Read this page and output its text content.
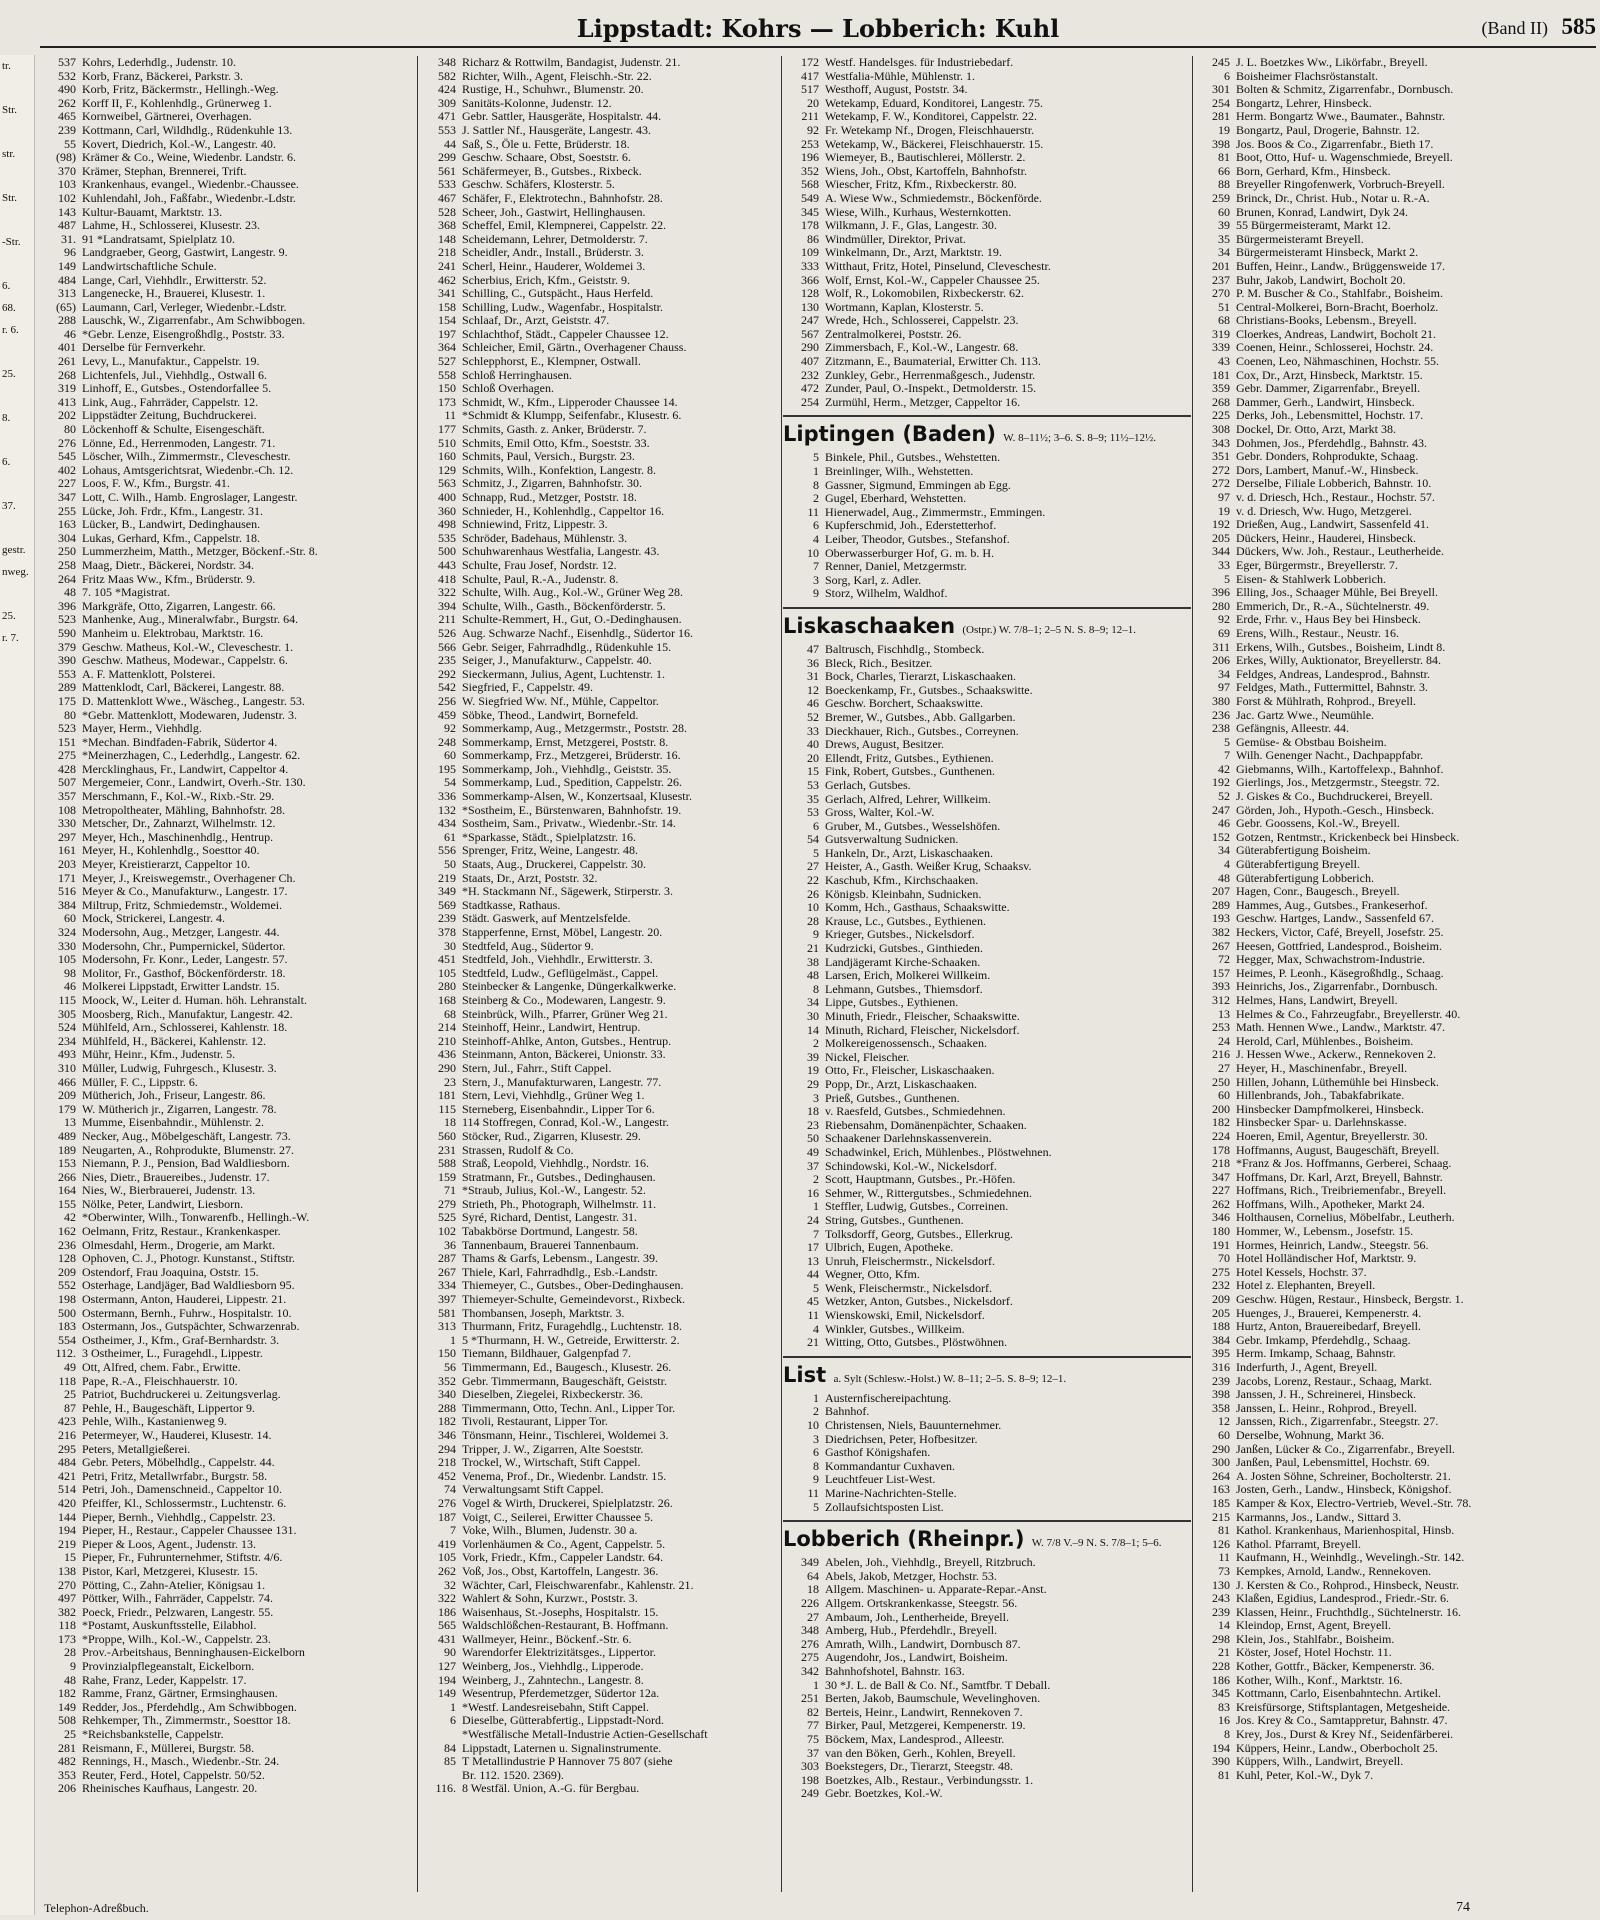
tr.
Str.
str.
Str.
-Str.
6.
68.
r. 6.
25.
8.
6.
37.
gestr.
nweg.
25.
r. 7.
Lippstadt: Kohrs — Lobberich: Kuhl	(Band II) 585
537 Kohrs, Lederhdlg., Judenstr. 10.
532 Korb, Franz, Bäckerei, Parkstr. 3.
490 Korb, Fritz, Bäckermstr., Hellingh.-Weg.
262 Korff II, F., Kohlenhdlg., Grünerweg 1.
465 Kornweibel, Gärtnerei, Overhagen.
239 Kottmann, Carl, Wildhdlg., Rüdenkuhle 13.
55 Kovert, Diedrich, Kol.-W., Langestr. 40.
(98) Krämer & Co., Weine, Wiedenbr. Landstr. 6.
370 Krämer, Stephan, Brennerei, Trift.
103 Krankenhaus, evangel., Wiedenbr.-Chaussee.
102 Kuhlendahl, Joh., Faßfabr., Wiedenbr.-Ldstr.
143 Kultur-Bauamt, Marktstr. 13.
487 Lahme, H., Schlosserei, Klusestr. 23.
31. 91 *Landratsamt, Spielplatz 10.
96 Landgraeber, Georg, Gastwirt, Langestr. 9.
149 Landwirtschaftliche Schule.
484 Lange, Carl, Viehhdlr., Erwitterstr. 52.
313 Langenecke, H., Brauerei, Klusestr. 1.
(65) Laumann, Carl, Verleger, Wiedenbr.-Ldstr.
288 Lauschk, W., Zigarrenfabr., Am Schwibbogen.
46 *Gebr. Lenze, Eisengroßhdlg., Poststr. 33.
401 Derselbe für Fernverkehr.
261 Levy, L., Manufaktur., Cappelstr. 19.
268 Lichtenfels, Jul., Viehhdlg., Ostwall 6.
319 Linhoff, E., Gutsbes., Ostendorfallee 5.
413 Link, Aug., Fahrräder, Cappelstr. 12.
202 Lippstädter Zeitung, Buchdruckerei.
80 Löckenhoff & Schulte, Eisengeschäft.
276 Lönne, Ed., Herrenmoden, Langestr. 71.
545 Löscher, Wilh., Zimmermstr., Cleveschestr.
402 Lohaus, Amtsgerichtsrat, Wiedenbr.-Ch. 12.
227 Loos, F. W., Kfm., Burgstr. 41.
347 Lott, C. Wilh., Hamb. Engroslager, Langestr.
255 Lücke, Joh. Frdr., Kfm., Langestr. 31.
163 Lücker, B., Landwirt, Dedinghausen.
304 Lukas, Gerhard, Kfm., Cappelstr. 18.
250 Lummerzheim, Matth., Metzger, Böckenf.-Str. 8.
258 Maag, Dietr., Bäckerei, Nordstr. 34.
264 Fritz Maas Ww., Kfm., Brüderstr. 9.
48 7. 105 *Magistrat.
396 Markgräfe, Otto, Zigarren, Langestr. 66.
523 Manhenke, Aug., Mineralwfabr., Burgstr. 64.
590 Manheim u. Elektrobau, Marktstr. 16.
379 Geschw. Matheus, Kol.-W., Cleveschestr. 1.
390 Geschw. Matheus, Modewar., Cappelstr. 6.
553 A. F. Mattenklott, Polsterei.
289 Mattenklodt, Carl, Bäckerei, Langestr. 88.
175 D. Mattenklott Wwe., Wäscheg., Langestr. 53.
80 *Gebr. Mattenklott, Modewaren, Judenstr. 3.
523 Mayer, Herm., Viehhdlg.
151 *Mechan. Bindfaden-Fabrik, Südertor 4.
275 *Meinerzhagen, C., Lederhdlg., Langestr. 62.
428 Mercklinghaus, Fr., Landwirt, Cappeltor 4.
507 Mergemeier, Conr., Landwirt, Overh.-Str. 130.
357 Merschmann, F., Kol.-W., Rixb.-Str. 29.
108 Metropoltheater, Mähling, Bahnhofstr. 28.
330 Metscher, Dr., Zahnarzt, Wilhelmstr. 12.
297 Meyer, Hch., Maschinenhdlg., Hentrup.
161 Meyer, H., Kohlenhdlg., Soesttor 40.
203 Meyer, Kreistierarzt, Cappeltor 10.
171 Meyer, J., Kreiswegemstr., Overhagener Ch.
516 Meyer & Co., Manufakturw., Langestr. 17.
384 Miltrup, Fritz, Schmiedemstr., Woldemei.
60 Mock, Strickerei, Langestr. 4.
324 Modersohn, Aug., Metzger, Langestr. 44.
330 Modersohn, Chr., Pumpernickel, Südertor.
105 Modersohn, Fr. Konr., Leder, Langestr. 57.
98 Molitor, Fr., Gasthof, Böckenförderstr. 18.
46 Molkerei Lippstadt, Erwitter Landstr. 15.
115 Moock, W., Leiter d. Human. höh. Lehranstalt.
305 Moosberg, Rich., Manufaktur, Langestr. 42.
524 Mühlfeld, Arn., Schlosserei, Kahlenstr. 18.
234 Mühlfeld, H., Bäckerei, Kahlenstr. 12.
493 Mühr, Heinr., Kfm., Judenstr. 5.
310 Müller, Ludwig, Fuhrgesch., Klusestr. 3.
466 Müller, F. C., Lippstr. 6.
209 Mütherich, Joh., Friseur, Langestr. 86.
179 W. Mütherich jr., Zigarren, Langestr. 78.
13 Mumme, Eisenbahndir., Mühlenstr. 2.
489 Necker, Aug., Möbelgeschäft, Langestr. 73.
189 Neugarten, A., Rohprodukte, Blumenstr. 27.
153 Niemann, P. J., Pension, Bad Waldliesborn.
266 Nies, Dietr., Brauereibes., Judenstr. 17.
164 Nies, W., Bierbrauerei, Judenstr. 13.
155 Nölke, Peter, Landwirt, Liesborn.
42 *Oberwinter, Wilh., Tonwarenfb., Hellingh.-W.
162 Oelmann, Fritz, Restaur., Krankenkasper.
236 Olmesdahl, Herm., Drogerie, am Markt.
128 Ophoven, C. J., Photogr. Kunstanst., Stiftstr.
209 Ostendorf, Frau Joaquina, Oststr. 15.
552 Osterhage, Landjäger, Bad Waldliesborn 95.
198 Ostermann, Anton, Hauderei, Lippestr. 21.
500 Ostermann, Bernh., Fuhrw., Hospitalstr. 10.
183 Ostermann, Jos., Gutspächter, Schwarzenrab.
554 Ostheimer, J., Kfm., Graf-Bernhardstr. 3.
112. 3 Ostheimer, L., Furagehdl., Lippestr.
49 Ott, Alfred, chem. Fabr., Erwitte.
118 Pape, R.-A., Fleischhauerstr. 10.
25 Patriot, Buchdruckerei u. Zeitungsverlag.
87 Pehle, H., Baugeschäft, Lippertor 9.
423 Pehle, Wilh., Kastanienweg 9.
216 Petermeyer, W., Hauderei, Klusestr. 14.
295 Peters, Metallgießerei.
484 Gebr. Peters, Möbelhdlg., Cappelstr. 44.
421 Petri, Fritz, Metallwrfabr., Burgstr. 58.
514 Petri, Joh., Damenschneid., Cappeltor 10.
420 Pfeiffer, Kl., Schlossermstr., Luchtenstr. 6.
144 Pieper, Bernh., Viehhdlg., Cappelstr. 23.
194 Pieper, H., Restaur., Cappeler Chaussee 131.
219 Pieper & Loos, Agent., Judenstr. 13.
15 Pieper, Fr., Fuhrunternehmer, Stiftstr. 4/6.
138 Pistor, Karl, Metzgerei, Klusestr. 15.
270 Pötting, C., Zahn-Atelier, Königsau 1.
497 Pöttker, Wilh., Fahrräder, Cappelstr. 74.
382 Poeck, Friedr., Pelzwaren, Langestr. 55.
118 *Postamt, Auskunftsstelle, Eilabhol.
173 *Proppe, Wilh., Kol.-W., Cappelstr. 23.
28 Prov.-Arbeitshaus, Benninghausen-Eickelborn
9 Provinzialpflegeanstalt, Eickelborn.
48 Rahe, Franz, Leder, Kappelstr. 17.
182 Ramme, Franz, Gärtner, Ermsinghausen.
149 Redder, Jos., Pferdehdlg., Am Schwibbogen.
508 Rehkemper, Th., Zimmermstr., Soesttor 18.
25 *Reichsbankstelle, Cappelstr.
281 Reismann, F., Müllerei, Burgstr. 58.
482 Rennings, H., Masch., Wiedenbr.-Str. 24.
353 Reuter, Ferd., Hotel, Cappelstr. 50/52.
206 Rheinisches Kaufhaus, Langestr. 20.
348 Richarz & Rottwilm, Bandagist, Judenstr. 21.
582 Richter, Wilh., Agent, Fleischh.-Str. 22.
424 Rustige, H., Schuhwr., Blumenstr. 20.
309 Sanitäts-Kolonne, Judenstr. 12.
471 Gebr. Sattler, Hausgeräte, Hospitalstr. 44.
553 J. Sattler Nf., Hausgeräte, Langestr. 43.
44 Saß, S., Öle u. Fette, Brüderstr. 18.
299 Geschw. Schaare, Obst, Soeststr. 6.
561 Schäfermeyer, B., Gutsbes., Rixbeck.
533 Geschw. Schäfers, Klosterstr. 5.
467 Schäfer, F., Elektrotechn., Bahnhofstr. 28.
528 Scheer, Joh., Gastwirt, Hellinghausen.
368 Scheffel, Emil, Klempnerei, Cappelstr. 22.
148 Scheidemann, Lehrer, Detmolderstr. 7.
218 Scheidler, Andr., Install., Brüderstr. 3.
241 Scherl, Heinr., Hauderer, Woldemei 3.
462 Scherbius, Erich, Kfm., Geiststr. 9.
341 Schilling, C., Gutspächt., Haus Herfeld.
158 Schilling, Ludw., Wagenfabr., Hospitalstr.
154 Schlaaf, Dr., Arzt, Geiststr. 47.
197 Schlachthof, Städt., Cappeler Chaussee 12.
364 Schleicher, Emil, Gärtn., Overhagener Chauss.
527 Schlepphorst, E., Klempner, Ostwall.
558 Schloß Herringhausen.
150 Schloß Overhagen.
173 Schmidt, W., Kfm., Lipperoder Chaussee 14.
11 *Schmidt & Klumpp, Seifenfabr., Klusestr. 6.
177 Schmits, Gasth. z. Anker, Brüderstr. 7.
510 Schmits, Emil Otto, Kfm., Soeststr. 33.
160 Schmits, Paul, Versich., Burgstr. 23.
129 Schmits, Wilh., Konfektion, Langestr. 8.
563 Schmitz, J., Zigarren, Bahnhofstr. 30.
400 Schnapp, Rud., Metzger, Poststr. 18.
360 Schnieder, H., Kohlenhdlg., Cappeltor 16.
498 Schniewind, Fritz, Lippestr. 3.
535 Schröder, Badehaus, Mühlenstr. 3.
500 Schuhwarenhaus Westfalia, Langestr. 43.
443 Schulte, Frau Josef, Nordstr. 12.
418 Schulte, Paul, R.-A., Judenstr. 8.
322 Schulte, Wilh. Aug., Kol.-W., Grüner Weg 28.
394 Schulte, Wilh., Gasth., Böckenförderstr. 5.
211 Schulte-Remmert, H., Gut, O.-Dedinghausen.
526 Aug. Schwarze Nachf., Eisenhdlg., Südertor 16.
566 Gebr. Seiger, Fahrradhdlg., Rüdenkuhle 15.
235 Seiger, J., Manufakturw., Cappelstr. 40.
292 Sieckermann, Julius, Agent, Luchtenstr. 1.
542 Siegfried, F., Cappelstr. 49.
256 W. Siegfried Ww. Nf., Mühle, Cappeltor.
459 Söbke, Theod., Landwirt, Bornefeld.
92 Sommerkamp, Aug., Metzgermstr., Poststr. 28.
248 Sommerkamp, Ernst, Metzgerei, Poststr. 8.
60 Sommerkamp, Frz., Metzgerei, Brüderstr. 16.
195 Sommerkamp, Joh., Viehhdlg., Geiststr. 35.
54 Sommerkamp, Lud., Spedition, Cappelstr. 26.
336 Sommerkamp-Alsen, W., Konzertsaal, Klusestr.
132 *Sostheim, E., Bürstenwaren, Bahnhofstr. 19.
434 Sostheim, Sam., Privatw., Wiedenbr.-Str. 14.
61 *Sparkasse, Städt., Spielplatzstr. 16.
556 Sprenger, Fritz, Weine, Langestr. 48.
50 Staats, Aug., Druckerei, Cappelstr. 30.
219 Staats, Dr., Arzt, Poststr. 32.
349 *H. Stackmann Nf., Sägewerk, Stirperstr. 3.
569 Stadtkasse, Rathaus.
239 Städt. Gaswerk, auf Mentzelsfelde.
378 Stapperfenne, Ernst, Möbel, Langestr. 20.
30 Stedtfeld, Aug., Südertor 9.
451 Stedtfeld, Joh., Viehhdlr., Erwitterstr. 3.
105 Stedtfeld, Ludw., Geflügelmäst., Cappel.
280 Steinbecker & Langenke, Düngerkalkwerke.
168 Steinberg & Co., Modewaren, Langestr. 9.
68 Steinbrück, Wilh., Pfarrer, Grüner Weg 21.
214 Steinhoff, Heinr., Landwirt, Hentrup.
210 Steinhoff-Ahlke, Anton, Gutsbes., Hentrup.
436 Steinmann, Anton, Bäckerei, Unionstr. 33.
290 Stern, Jul., Fahrr., Stift Cappel.
23 Stern, J., Manufakturwaren, Langestr. 77.
181 Stern, Levi, Viehhdlg., Grüner Weg 1.
115 Sterneberg, Eisenbahndir., Lipper Tor 6.
18 114 Stoffregen, Conrad, Kol.-W., Langestr.
560 Stöcker, Rud., Zigarren, Klusestr. 29.
231 Strassen, Rudolf & Co.
588 Straß, Leopold, Viehhdlg., Nordstr. 16.
159 Stratmann, Fr., Gutsbes., Dedinghausen.
71 *Straub, Julius, Kol.-W., Langestr. 52.
279 Strieth, Ph., Photograph, Wilhelmstr. 11.
525 Syré, Richard, Dentist, Langestr. 31.
102 Tabakbörse Dortmund, Langestr. 58.
36 Tannenbaum, Brauerei Tannenbaum.
287 Thams & Garfs, Lebensm., Langestr. 39.
267 Thiele, Karl, Fahrradhdlg., Esb.-Landstr.
334 Thiemeyer, C., Gutsbes., Ober-Dedinghausen.
397 Thiemeyer-Schulte, Gemeindevorst., Rixbeck.
581 Thombansen, Joseph, Marktstr. 3.
313 Thurmann, Fritz, Furagehdlg., Luchtenstr. 18.
1 5 *Thurmann, H. W., Getreide, Erwitterstr. 2.
150 Tiemann, Bildhauer, Galgenpfad 7.
56 Timmermann, Ed., Baugesch., Klusestr. 26.
352 Gebr. Timmermann, Baugeschäft, Geiststr.
340 Dieselben, Ziegelei, Rixbeckerstr. 36.
288 Timmermann, Otto, Techn. Anl., Lipper Tor.
182 Tivoli, Restaurant, Lipper Tor.
346 Tönsmann, Heinr., Tischlerei, Woldemei 3.
294 Tripper, J. W., Zigarren, Alte Soeststr.
218 Trockel, W., Wirtschaft, Stift Cappel.
452 Venema, Prof., Dr., Wiedenbr. Landstr. 15.
74 Verwaltungsamt Stift Cappel.
276 Vogel & Wirth, Druckerei, Spielplatzstr. 26.
187 Voigt, C., Seilerei, Erwitter Chaussee 5.
7 Voke, Wilh., Blumen, Judenstr. 30 a.
419 Vorlenhäumen & Co., Agent, Cappelstr. 5.
105 Vork, Friedr., Kfm., Cappeler Landstr. 64.
262 Voß, Jos., Obst, Kartoffeln, Langestr. 36.
32 Wächter, Carl, Fleischwarenfabr., Kahlenstr. 21.
322 Wahlert & Sohn, Kurzwr., Poststr. 3.
186 Waisenhaus, St.-Josephs, Hospitalstr. 15.
565 Waldschlößchen-Restaurant, B. Hoffmann.
431 Wallmeyer, Heinr., Böckenf.-Str. 6.
90 Warendorfer Elektrizitätsges., Lippertor.
127 Weinberg, Jos., Viehhdlg., Lipperode.
194 Weinberg, J., Zahntechn., Langestr. 8.
149 Wesentrup, Pferdemetzger, Südertor 12a.
1 *Westf. Landesreisebahn, Stift Cappel.
6 Dieselbe, Gütterabfertig., Lippstadt-Nord.
*Westfälische Metall-Industrie Actien-Gesellschaft
84 Lippstadt, Laternen u. Signalinstrumente.
85 T Metallindustrie P Hannover 75 807 (siehe
Br. 112. 1520. 2369).
116. 8 Westfäl. Union, A.-G. für Bergbau.
172 Westf. Handelsges. für Industriebedarf.
417 Westfalia-Mühle, Mühlenstr. 1.
517 Westhoff, August, Poststr. 34.
20 Wetekamp, Eduard, Konditorei, Langestr. 75.
211 Wetekamp, F. W., Konditorei, Cappelstr. 22.
92 Fr. Wetekamp Nf., Drogen, Fleischhauerstr.
253 Wetekamp, W., Bäckerei, Fleischhauerstr. 15.
196 Wiemeyer, B., Bautischlerei, Möllerstr. 2.
352 Wiens, Joh., Obst, Kartoffeln, Bahnhofstr.
568 Wiescher, Fritz, Kfm., Rixbeckerstr. 80.
549 A. Wiese Ww., Schmiedemstr., Böckenförde.
345 Wiese, Wilh., Kurhaus, Westernkotten.
178 Wilkmann, J. F., Glas, Langestr. 30.
86 Windmüller, Direktor, Privat.
109 Winkelmann, Dr., Arzt, Marktstr. 19.
333 Witthaut, Fritz, Hotel, Pinselund, Cleveschestr.
366 Wolf, Ernst, Kol.-W., Cappeler Chaussee 25.
128 Wolf, R., Lokomobilen, Rixbeckerstr. 62.
130 Wortmann, Kaplan, Klosterstr. 5.
247 Wrede, Hch., Schlosserei, Cappelstr. 23.
567 Zentralmolkerei, Poststr. 26.
290 Zimmersbach, F., Kol.-W., Langestr. 68.
407 Zitzmann, E., Baumaterial, Erwitter Ch. 113.
232 Zunkley, Gebr., Herrenmaßgesch., Judenstr.
472 Zunder, Paul, O.-Inspekt., Detmolderstr. 15.
254 Zurmühl, Herm., Metzger, Cappeltor 16.
Liptingen (Baden) W. 8–11½; 3–6. S. 8–9; 11½–12½.
5 Binkele, Phil., Gutsbes., Wehstetten.
1 Breinlinger, Wilh., Wehstetten.
8 Gassner, Sigmund, Emmingen ab Egg.
2 Gugel, Eberhard, Wehstetten.
11 Hienerwadel, Aug., Zimmermstr., Emmingen.
6 Kupferschmid, Joh., Ederstetterhof.
4 Leiber, Theodor, Gutsbes., Stefanshof.
10 Oberwasserburger Hof, G. m. b. H.
7 Renner, Daniel, Metzgermstr.
3 Sorg, Karl, z. Adler.
9 Storz, Wilhelm, Waldhof.
Liskaschaaken (Ostpr.) W. 7/8–1; 2–5 N. S. 8–9; 12–1.
47 Baltrusch, Fischhdlg., Stombeck.
36 Bleck, Rich., Besitzer.
31 Bock, Charles, Tierarzt, Liskaschaaken.
12 Boeckenkamp, Fr., Gutsbes., Schaakswitte.
46 Geschw. Borchert, Schaakswitte.
52 Bremer, W., Gutsbes., Abb. Gallgarben.
33 Dieckhauer, Rich., Gutsbes., Correynen.
40 Drews, August, Besitzer.
20 Ellendt, Fritz, Gutsbes., Eythienen.
15 Fink, Robert, Gutsbes., Gunthenen.
53 Gerlach, Gutsbes.
35 Gerlach, Alfred, Lehrer, Willkeim.
53 Gross, Walter, Kol.-W.
6 Gruber, M., Gutsbes., Wesselshöfen.
54 Gutsverwaltung Sudnicken.
5 Hankeln, Dr., Arzt, Liskaschaaken.
27 Heister, A., Gasth. Weißer Krug, Schaaksv.
22 Kaschub, Kfm., Kirchschaaken.
26 Königsb. Kleinbahn, Sudnicken.
10 Komm, Hch., Gasthaus, Schaakswitte.
28 Krause, Lc., Gutsbes., Eythienen.
9 Krieger, Gutsbes., Nickelsdorf.
21 Kudrzicki, Gutsbes., Ginthieden.
38 Landjägeramt Kirche-Schaaken.
48 Larsen, Erich, Molkerei Willkeim.
8 Lehmann, Gutsbes., Thiemsdorf.
34 Lippe, Gutsbes., Eythienen.
30 Minuth, Friedr., Fleischer, Schaakswitte.
14 Minuth, Richard, Fleischer, Nickelsdorf.
2 Molkereigenossensch., Schaaken.
39 Nickel, Fleischer.
19 Otto, Fr., Fleischer, Liskaschaaken.
29 Popp, Dr., Arzt, Liskaschaaken.
3 Prieß, Gutsbes., Gunthenen.
18 v. Raesfeld, Gutsbes., Schmiedehnen.
23 Riebensahm, Domänenpächter, Schaaken.
50 Schaakener Darlehnskassenverein.
49 Schadwinkel, Erich, Mühlenbes., Plöstwehnen.
37 Schindowski, Kol.-W., Nickelsdorf.
2 Scott, Hauptmann, Gutsbes., Pr.-Höfen.
16 Sehmer, W., Rittergutsbes., Schmiedehnen.
1 Steffler, Ludwig, Gutsbes., Correinen.
24 String, Gutsbes., Gunthenen.
7 Tolksdorff, Georg, Gutsbes., Ellerkrug.
17 Ulbrich, Eugen, Apotheke.
13 Unruh, Fleischermstr., Nickelsdorf.
44 Wegner, Otto, Kfm.
5 Wenk, Fleischermstr., Nickelsdorf.
45 Wetzker, Anton, Gutsbes., Nickelsdorf.
11 Wienskowski, Emil, Nickelsdorf.
4 Winkler, Gutsbes., Willkeim.
21 Witting, Otto, Gutsbes., Plöstwöhnen.
List a. Sylt (Schlesw.-Holst.) W. 8–11; 2–5. S. 8–9; 12–1.
1 Austernfischereipachtung.
2 Bahnhof.
10 Christensen, Niels, Bauunternehmer.
3 Diedrichsen, Peter, Hofbesitzer.
6 Gasthof Königshafen.
8 Kommandantur Cuxhaven.
9 Leuchtfeuer List-West.
11 Marine-Nachrichten-Stelle.
5 Zollaufsichtsposten List.
Lobberich (Rheinpr.) W. 7/8 V.–9 N. S. 7/8–1; 5–6.
349 Abelen, Joh., Viehhdlg., Breyell, Ritzbruch.
64 Abels, Jakob, Metzger, Hochstr. 53.
18 Allgem. Maschinen- u. Apparate-Repar.-Anst.
226 Allgem. Ortskrankenkasse, Steegstr. 56.
27 Ambaum, Joh., Lentherheide, Breyell.
348 Amberg, Hub., Pferdehdlr., Breyell.
276 Amrath, Wilh., Landwirt, Dornbusch 87.
275 Augendohr, Jos., Landwirt, Boisheim.
342 Bahnhofshotel, Bahnstr. 163.
1 30 *J. L. de Ball & Co. Nf., Samtfbr. T Deball.
251 Berten, Jakob, Baumschule, Wevelinghoven.
82 Berteis, Heinr., Landwirt, Rennekoven 7.
77 Birker, Paul, Metzgerei, Kempenerstr. 19.
75 Böckem, Max, Landesprod., Alleestr.
37 van den Böken, Gerh., Kohlen, Breyell.
303 Boekstegers, Dr., Tierarzt, Steegstr. 48.
198 Boetzkes, Alb., Restaur., Verbindungsstr. 1.
249 Gebr. Boetzkes, Kol.-W.
245 J. L. Boetzkes Ww., Likörfabr., Breyell.
6 Boisheimer Flachsröstanstalt.
301 Bolten & Schmitz, Zigarrenfabr., Dornbusch.
254 Bongartz, Lehrer, Hinsbeck.
281 Herm. Bongartz Wwe., Baumater., Bahnstr.
19 Bongartz, Paul, Drogerie, Bahnstr. 12.
398 Jos. Boos & Co., Zigarrenfabr., Bieth 17.
81 Boot, Otto, Huf- u. Wagenschmiede, Breyell.
66 Born, Gerhard, Kfm., Hinsbeck.
88 Breyeller Ringofenwerk, Vorbruch-Breyell.
259 Brinck, Dr., Christ. Hub., Notar u. R.-A.
60 Brunen, Konrad, Landwirt, Dyk 24.
39 55 Bürgermeisteramt, Markt 12.
35 Bürgermeisteramt Breyell.
34 Bürgermeisteramt Hinsbeck, Markt 2.
201 Buffen, Heinr., Landw., Brüggensweide 17.
237 Buhr, Jakob, Landwirt, Bocholt 20.
270 P. M. Buscher & Co., Stahlfabr., Boisheim.
51 Central-Molkerei, Born-Bracht, Boerholz.
68 Christians-Books, Lebensm., Breyell.
319 Cloerkes, Andreas, Landwirt, Bocholt 21.
339 Coenen, Heinr., Schlosserei, Hochstr. 24.
43 Coenen, Leo, Nähmaschinen, Hochstr. 55.
181 Cox, Dr., Arzt, Hinsbeck, Marktstr. 15.
359 Gebr. Dammer, Zigarrenfabr., Breyell.
268 Dammer, Gerh., Landwirt, Hinsbeck.
225 Derks, Joh., Lebensmittel, Hochstr. 17.
308 Dockel, Dr. Otto, Arzt, Markt 38.
343 Dohmen, Jos., Pferdehdlg., Bahnstr. 43.
351 Gebr. Donders, Rohprodukte, Schaag.
272 Dors, Lambert, Manuf.-W., Hinsbeck.
272 Derselbe, Filiale Lobberich, Bahnstr. 10.
97 v. d. Driesch, Hch., Restaur., Hochstr. 57.
19 v. d. Driesch, Ww. Hugo, Metzgerei.
192 Drießen, Aug., Landwirt, Sassenfeld 41.
205 Dückers, Heinr., Hauderei, Hinsbeck.
344 Dückers, Ww. Joh., Restaur., Leutherheide.
33 Eger, Bürgermstr., Breyellerstr. 7.
5 Eisen- & Stahlwerk Lobberich.
396 Elling, Jos., Schaager Mühle, Bei Breyell.
280 Emmerich, Dr., R.-A., Süchtelnerstr. 49.
92 Erde, Frhr. v., Haus Bey bei Hinsbeck.
69 Erens, Wilh., Restaur., Neustr. 16.
311 Erkens, Wilh., Gutsbes., Boisheim, Lindt 8.
206 Erkes, Willy, Auktionator, Breyellerstr. 84.
34 Feldges, Andreas, Landesprod., Bahnstr.
97 Feldges, Math., Futtermittel, Bahnstr. 3.
380 Forst & Mühlrath, Rohprod., Breyell.
236 Jac. Gartz Wwe., Neumühle.
238 Gefängnis, Alleestr. 44.
5 Gemüse- & Obstbau Boisheim.
7 Wilh. Genenger Nacht., Dachpappfabr.
42 Giebmanns, Wilh., Kartoffelexp., Bahnhof.
192 Gierlings, Jos., Metzgermstr., Steegstr. 72.
52 J. Giskes & Co., Buchdruckerei, Breyell.
247 Görden, Joh., Hypoth.-Gesch., Hinsbeck.
46 Gebr. Goossens, Kol.-W., Breyell.
152 Gotzen, Rentmstr., Krickenbeck bei Hinsbeck.
34 Güterabfertigung Boisheim.
4 Güterabfertigung Breyell.
48 Güterabfertigung Lobberich.
207 Hagen, Conr., Baugesch., Breyell.
289 Hammes, Aug., Gutsbes., Frankeserhof.
193 Geschw. Hartges, Landw., Sassenfeld 67.
382 Heckers, Victor, Café, Breyell, Josefstr. 25.
267 Heesen, Gottfried, Landesprod., Boisheim.
72 Hegger, Max, Schwachstrom-Industrie.
157 Heimes, P. Leonh., Käsegroßhdlg., Schaag.
393 Heinrichs, Jos., Zigarrenfabr., Dornbusch.
312 Helmes, Hans, Landwirt, Breyell.
13 Helmes & Co., Fahrzeugfabr., Breyellerstr. 40.
253 Math. Hennen Wwe., Landw., Marktstr. 47.
24 Herold, Carl, Mühlenbes., Boisheim.
216 J. Hessen Wwe., Ackerw., Rennekoven 2.
27 Heyer, H., Maschinenfabr., Breyell.
250 Hillen, Johann, Lüthemühle bei Hinsbeck.
60 Hillenbrands, Joh., Tabakfabrikate.
200 Hinsbecker Dampfmolkerei, Hinsbeck.
182 Hinsbecker Spar- u. Darlehnskasse.
224 Hoeren, Emil, Agentur, Breyellerstr. 30.
178 Hoffmanns, August, Baugeschäft, Breyell.
218 *Franz & Jos. Hoffmanns, Gerberei, Schaag.
347 Hoffmans, Dr. Karl, Arzt, Breyell, Bahnstr.
227 Hoffmans, Rich., Treibriemenfabr., Breyell.
262 Hoffmans, Wilh., Apotheker, Markt 24.
346 Holthausen, Cornelius, Möbelfabr., Leutherh.
180 Hommer, W., Lebensm., Josefstr. 15.
191 Hormes, Heinrich, Landw., Steegstr. 56.
70 Hotel Holländischer Hof, Marktstr. 9.
275 Hotel Kessels, Hochstr. 37.
232 Hotel z. Elephanten, Breyell.
209 Geschw. Hügen, Restaur., Hinsbeck, Bergstr. 1.
205 Huenges, J., Brauerei, Kempenerstr. 4.
188 Hurtz, Anton, Brauereibedarf, Breyell.
384 Gebr. Imkamp, Pferdehdlg., Schaag.
395 Herm. Imkamp, Schaag, Bahnstr.
316 Inderfurth, J., Agent, Breyell.
239 Jacobs, Lorenz, Restaur., Schaag, Markt.
398 Janssen, J. H., Schreinerei, Hinsbeck.
358 Janssen, L. Heinr., Rohprod., Breyell.
12 Janssen, Rich., Zigarrenfabr., Steegstr. 27.
60 Derselbe, Wohnung, Markt 36.
290 Janßen, Lücker & Co., Zigarrenfabr., Breyell.
300 Janßen, Paul, Lebensmittel, Hochstr. 69.
264 A. Josten Söhne, Schreiner, Bocholterstr. 21.
163 Josten, Gerh., Landw., Hinsbeck, Königshof.
185 Kamper & Kox, Electro-Vertrieb, Wevel.-Str. 78.
215 Karmanns, Jos., Landw., Sittard 3.
81 Kathol. Krankenhaus, Marienhospital, Hinsb.
126 Kathol. Pfarramt, Breyell.
11 Kaufmann, H., Weinhdlg., Wevelingh.-Str. 142.
73 Kempkes, Arnold, Landw., Rennekoven.
130 J. Kersten & Co., Rohprod., Hinsbeck, Neustr.
243 Klaßen, Egidius, Landesprod., Friedr.-Str. 6.
239 Klassen, Heinr., Fruchthdlg., Süchtelnerstr. 16.
14 Kleindop, Ernst, Agent, Breyell.
298 Klein, Jos., Stahlfabr., Boisheim.
21 Köster, Josef, Hotel Hochstr. 11.
228 Kother, Gottfr., Bäcker, Kempenerstr. 36.
186 Kother, Wilh., Konf., Marktstr. 16.
345 Kottmann, Carlo, Eisenbahntechn. Artikel.
83 Kreisfürsorge, Stiftsplantagen, Metgesheide.
16 Jos. Krey & Co., Samtappretur, Bahnstr. 47.
8 Krey, Jos., Durst & Krey Nf., Seidenfärberei.
194 Küppers, Heinr., Landw., Oberbocholt 25.
390 Küppers, Wilh., Landwirt, Breyell.
81 Kuhl, Peter, Kol.-W., Dyk 7.
Telephon-Adreßbuch.	74
